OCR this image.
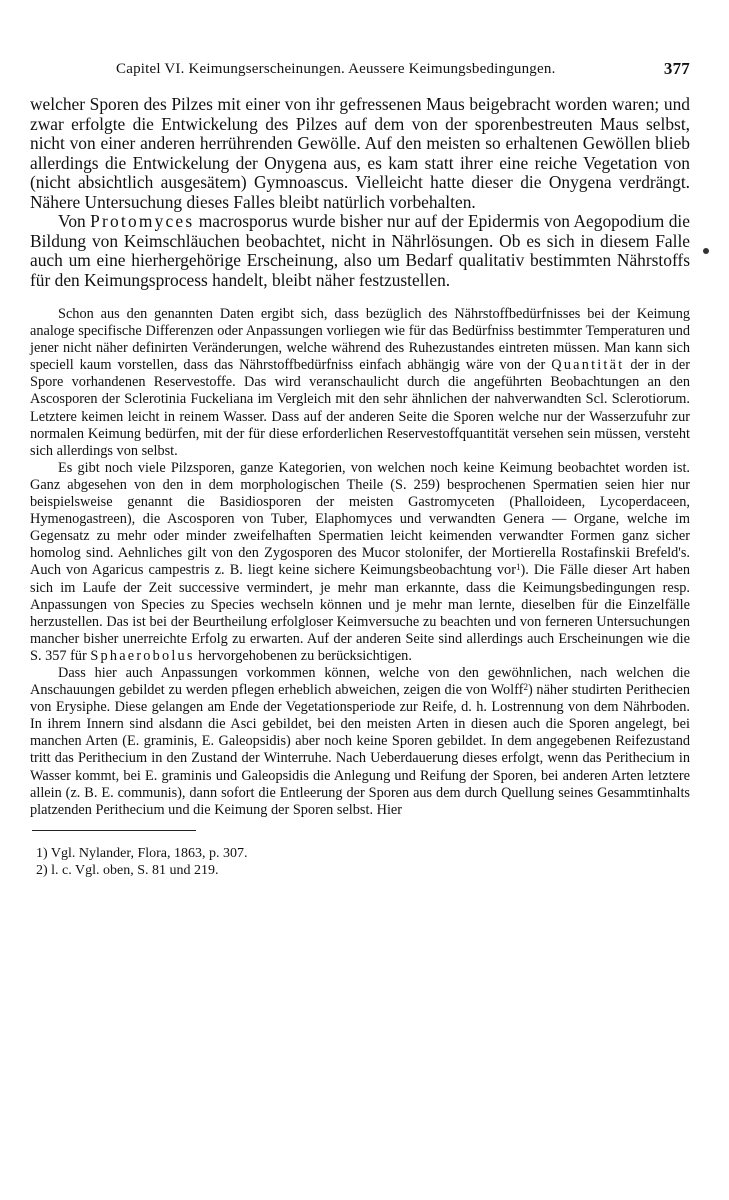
Capitel VI. Keimungserscheinungen. Aeussere Keimungsbedingungen.	377

welcher Sporen des Pilzes mit einer von ihr gefressenen Maus beigebracht worden waren; und zwar erfolgte die Entwickelung des Pilzes auf dem von der sporenbestreuten Maus selbst, nicht von einer anderen herrührenden Gewölle. Auf den meisten so erhaltenen Gewöllen blieb allerdings die Entwickelung der Onygena aus, es kam statt ihrer eine reiche Vegetation von (nicht absichtlich ausgesätem) Gymnoascus. Vielleicht hatte dieser die Onygena verdrängt. Nähere Untersuchung dieses Falles bleibt natürlich vorbehalten.

Von Protomyces macrosporus wurde bisher nur auf der Epidermis von Aegopodium die Bildung von Keimschläuchen beobachtet, nicht in Nährlösungen. Ob es sich in diesem Falle auch um eine hierhergehörige Erscheinung, also um Bedarf qualitativ bestimmten Nährstoffs für den Keimungsprocess handelt, bleibt näher festzustellen.

Schon aus den genannten Daten ergibt sich, dass bezüglich des Nährstoffbedürfnisses bei der Keimung analoge specifische Differenzen oder Anpassungen vorliegen wie für das Bedürfniss bestimmter Temperaturen und jener nicht näher definirten Veränderungen, welche während des Ruhezustandes eintreten müssen. Man kann sich speciell kaum vorstellen, dass das Nährstoffbedürfniss einfach abhängig wäre von der Quantität der in der Spore vorhandenen Reservestoffe. Das wird veranschaulicht durch die angeführten Beobachtungen an den Ascosporen der Sclerotinia Fuckeliana im Vergleich mit den sehr ähnlichen der nahverwandten Scl. Sclerotiorum. Letztere keimen leicht in reinem Wasser. Dass auf der anderen Seite die Sporen welche nur der Wasserzufuhr zur normalen Keimung bedürfen, mit der für diese erforderlichen Reservestoffquantität versehen sein müssen, versteht sich allerdings von selbst.

Es gibt noch viele Pilzsporen, ganze Kategorien, von welchen noch keine Keimung beobachtet worden ist. Ganz abgesehen von den in dem morphologischen Theile (S. 259) besprochenen Spermatien seien hier nur beispielsweise genannt die Basidiosporen der meisten Gastromyceten (Phalloideen, Lycoperdaceen, Hymenogastreen), die Ascosporen von Tuber, Elaphomyces und verwandten Genera — Organe, welche im Gegensatz zu mehr oder minder zweifelhaften Spermatien leicht keimenden verwandter Formen ganz sicher homolog sind. Aehnliches gilt von den Zygosporen des Mucor stolonifer, der Mortierella Rostafinskii Brefeld's. Auch von Agaricus campestris z. B. liegt keine sichere Keimungsbeobachtung vor$^1$). Die Fälle dieser Art haben sich im Laufe der Zeit successive vermindert, je mehr man erkannte, dass die Keimungsbedingungen resp. Anpassungen von Species zu Species wechseln können und je mehr man lernte, dieselben für die Einzelfälle herzustellen. Das ist bei der Beurtheilung erfolgloser Keimversuche zu beachten und von ferneren Untersuchungen mancher bisher unerreichte Erfolg zu erwarten. Auf der anderen Seite sind allerdings auch Erscheinungen wie die S. 357 für Sphaerobolus hervorgehobenen zu berücksichtigen.

Dass hier auch Anpassungen vorkommen können, welche von den gewöhnlichen, nach welchen die Anschauungen gebildet zu werden pflegen erheblich abweichen, zeigen die von Wolff$^2$) näher studirten Perithecien von Erysiphe. Diese gelangen am Ende der Vegetationsperiode zur Reife, d. h. Lostrennung von dem Nährboden. In ihrem Innern sind alsdann die Asci gebildet, bei den meisten Arten in diesen auch die Sporen angelegt, bei manchen Arten (E. graminis, E. Galeopsidis) aber noch keine Sporen gebildet. In dem angegebenen Reifezustand tritt das Perithecium in den Zustand der Winterruhe. Nach Ueberdauerung dieses erfolgt, wenn das Perithecium in Wasser kommt, bei E. graminis und Galeopsidis die Anlegung und Reifung der Sporen, bei anderen Arten letztere allein (z. B. E. communis), dann sofort die Entleerung der Sporen aus dem durch Quellung seines Gesammtinhalts platzenden Perithecium und die Keimung der Sporen selbst. Hier

1) Vgl. Nylander, Flora, 1863, p. 307.

2) l. c. Vgl. oben, S. 81 und 219.
